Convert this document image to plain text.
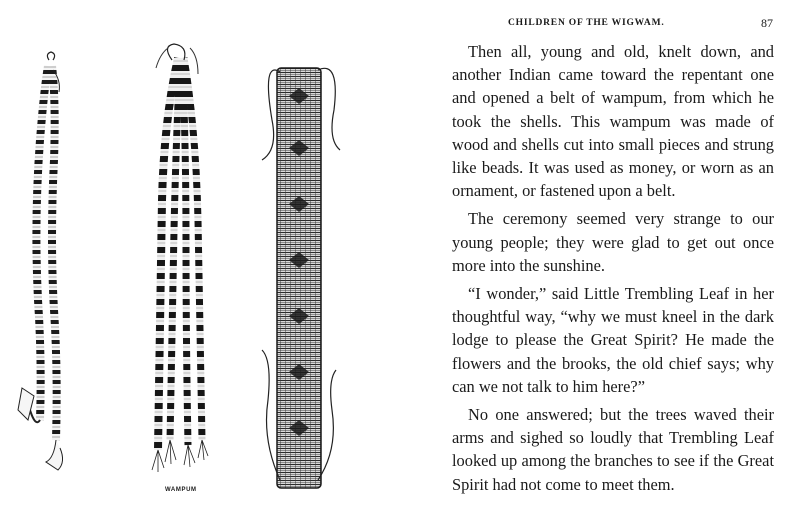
WAMPUM
CHILDREN OF THE WIGWAM.	87

Then all, young and old, knelt down, and another Indian came toward the repentant one and opened a belt of wampum, from which he took the shells. This wampum was made of wood and shells cut into small pieces and strung like beads. It was used as money, or worn as an ornament, or fastened upon a belt.

The ceremony seemed very strange to our young people; they were glad to get out once more into the sunshine.

“I wonder,” said Little Trembling Leaf in her thoughtful way, “why we must kneel in the dark lodge to please the Great Spirit? He made the flowers and the brooks, the old chief says; why can we not talk to him here?”

No one answered; but the trees waved their arms and sighed so loudly that Trembling Leaf looked up among the branches to see if the Great Spirit had not come to meet them.
